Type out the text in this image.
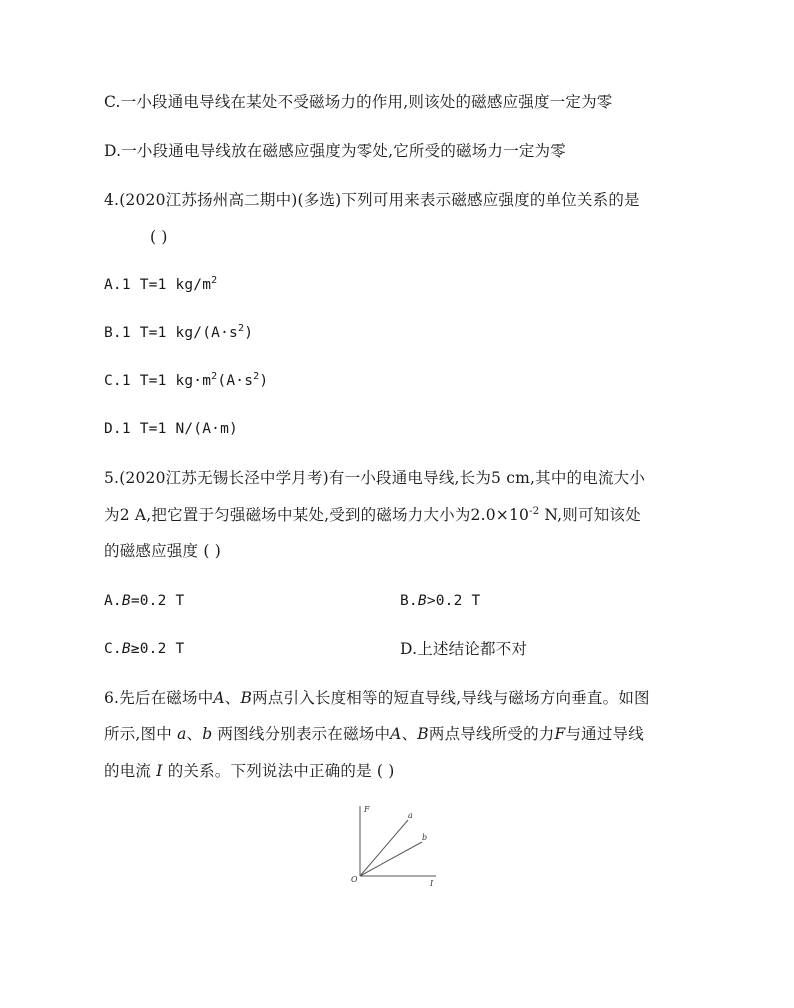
C.一小段通电导线在某处不受磁场力的作用,则该处的磁感应强度一定为零
D.一小段通电导线放在磁感应强度为零处,它所受的磁场力一定为零
4.(2020江苏扬州高二期中)(多选)下列可用来表示磁感应强度的单位关系的是
( )
A.1 T=1 $kg/m^2$
B.1 T=1 $kg/(A\cdot s^2)$
C.1 T=1 $kg\cdot m^2(A\cdot s^2)$
D.1 T=1 N/(A·m)
5.(2020江苏无锡长泾中学月考)有一小段通电导线,长为5 cm,其中的电流大小
为2 A,把它置于匀强磁场中某处,受到的磁场力大小为$2.0\times 10^{-2}$ N,则可知该处
的磁感应强度 ( )
A.B=0.2 T	B.B>0.2 T
C.B≥0.2 T	D.上述结论都不对
6.先后在磁场中A、B两点引入长度相等的短直导线,导线与磁场方向垂直。如图
所示,图中 a、b 两图线分别表示在磁场中A、B两点导线所受的力F与通过导线
的电流 I 的关系。下列说法中正确的是 ( )
F
I
O
a
b
